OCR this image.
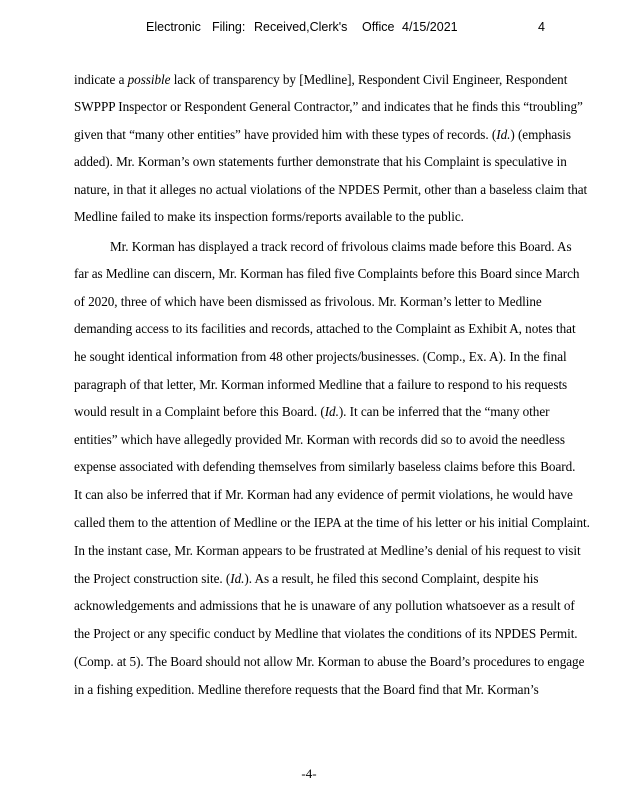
Electronic Filing: Received,Clerk's Office 4/15/2021	4
indicate a possible lack of transparency by [Medline], Respondent Civil Engineer, Respondent
SWPPP Inspector or Respondent General Contractor,” and indicates that he finds this “troubling”
given that “many other entities” have provided him with these types of records. (Id.) (emphasis
added). Mr. Korman’s own statements further demonstrate that his Complaint is speculative in
nature, in that it alleges no actual violations of the NPDES Permit, other than a baseless claim that
Medline failed to make its inspection forms/reports available to the public.
Mr. Korman has displayed a track record of frivolous claims made before this Board. As
far as Medline can discern, Mr. Korman has filed five Complaints before this Board since March
of 2020, three of which have been dismissed as frivolous. Mr. Korman’s letter to Medline
demanding access to its facilities and records, attached to the Complaint as Exhibit A, notes that
he sought identical information from 48 other projects/businesses. (Comp., Ex. A). In the final
paragraph of that letter, Mr. Korman informed Medline that a failure to respond to his requests
would result in a Complaint before this Board. (Id.). It can be inferred that the “many other
entities” which have allegedly provided Mr. Korman with records did so to avoid the needless
expense associated with defending themselves from similarly baseless claims before this Board.
It can also be inferred that if Mr. Korman had any evidence of permit violations, he would have
called them to the attention of Medline or the IEPA at the time of his letter or his initial Complaint.
In the instant case, Mr. Korman appears to be frustrated at Medline’s denial of his request to visit
the Project construction site. (Id.). As a result, he filed this second Complaint, despite his
acknowledgements and admissions that he is unaware of any pollution whatsoever as a result of
the Project or any specific conduct by Medline that violates the conditions of its NPDES Permit.
(Comp. at 5). The Board should not allow Mr. Korman to abuse the Board’s procedures to engage
in a fishing expedition. Medline therefore requests that the Board find that Mr. Korman’s
-4-
